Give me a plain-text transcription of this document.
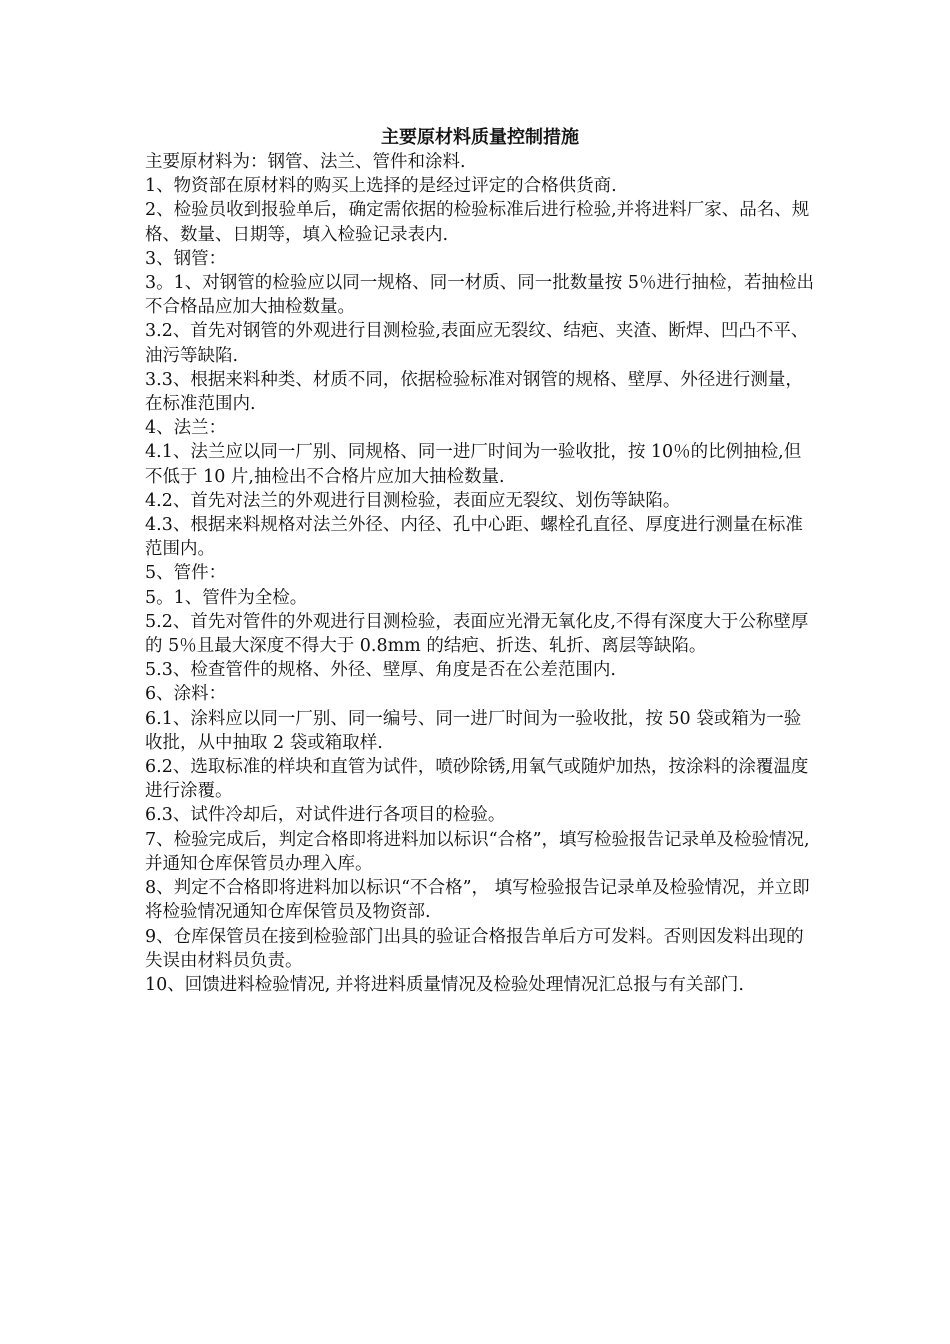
主要原材料质量控制措施

主要原材料为：钢管、法兰、管件和涂料.

1、物资部在原材料的购买上选择的是经过评定的合格供货商.

2、检验员收到报验单后，确定需依据的检验标准后进行检验,并将进料厂家、品名、规格、数量、日期等，填入检验记录表内.

3、钢管：

3。1、对钢管的检验应以同一规格、同一材质、同一批数量按 5％进行抽检，若抽检出不合格品应加大抽检数量。

3.2、首先对钢管的外观进行目测检验,表面应无裂纹、结疤、夹渣、断焊、凹凸不平、油污等缺陷.

3.3、根据来料种类、材质不同，依据检验标准对钢管的规格、壁厚、外径进行测量，在标准范围内.

4、法兰：

4.1、法兰应以同一厂别、同规格、同一进厂时间为一验收批，按 10％的比例抽检,但不低于 10 片,抽检出不合格片应加大抽检数量.

4.2、首先对法兰的外观进行目测检验，表面应无裂纹、划伤等缺陷。

4.3、根据来料规格对法兰外径、内径、孔中心距、螺栓孔直径、厚度进行测量在标准范围内。

5、管件：

5。1、管件为全检。

5.2、首先对管件的外观进行目测检验，表面应光滑无氧化皮,不得有深度大于公称壁厚的 5％且最大深度不得大于 0.8mm 的结疤、折迭、轧折、离层等缺陷。

5.3、检查管件的规格、外径、壁厚、角度是否在公差范围内.

6、涂料：

6.1、涂料应以同一厂别、同一编号、同一进厂时间为一验收批，按 50 袋或箱为一验收批，从中抽取 2 袋或箱取样.

6.2、选取标准的样块和直管为试件，喷砂除锈,用氧气或随炉加热，按涂料的涂覆温度进行涂覆。

6.3、试件冷却后，对试件进行各项目的检验。

7、检验完成后，判定合格即将进料加以标识“合格”，填写检验报告记录单及检验情况,并通知仓库保管员办理入库。

8、判定不合格即将进料加以标识“不合格”， 填写检验报告记录单及检验情况，并立即将检验情况通知仓库保管员及物资部.

9、仓库保管员在接到检验部门出具的验证合格报告单后方可发料。否则因发料出现的失误由材料员负责。

10、回馈进料检验情况, 并将进料质量情况及检验处理情况汇总报与有关部门.
